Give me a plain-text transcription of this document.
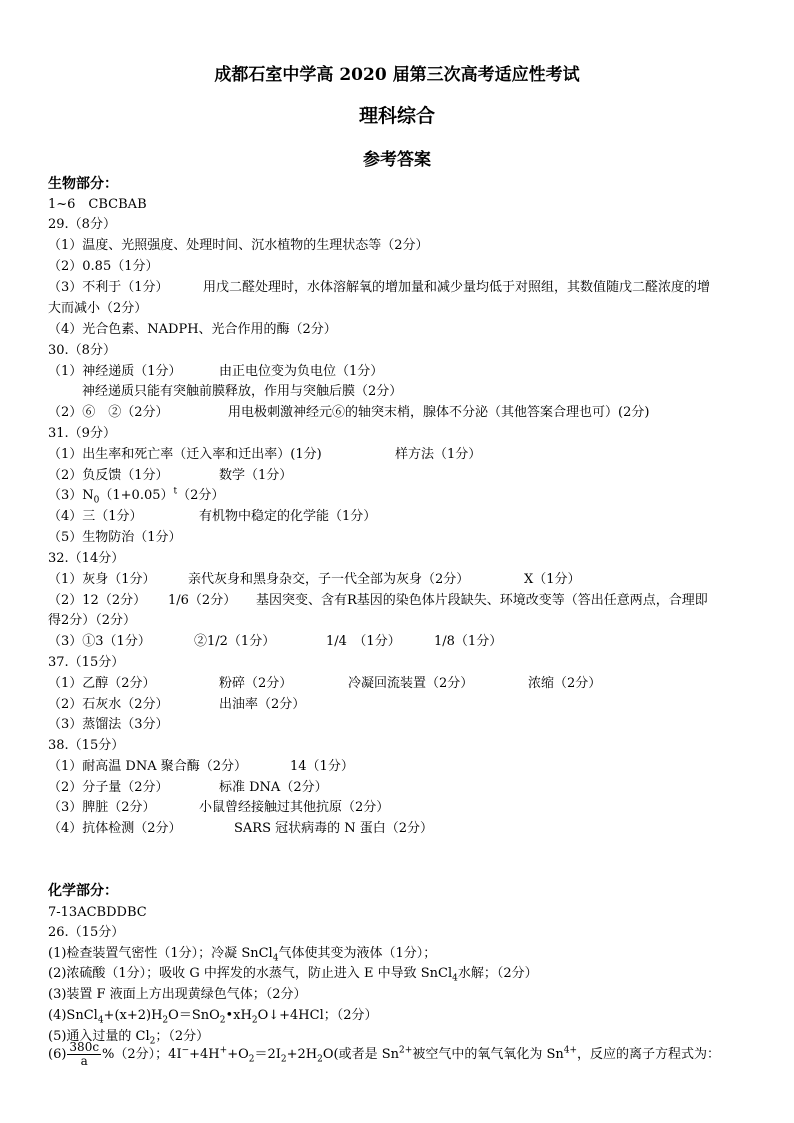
成都石室中学高 2020 届第三次高考适应性考试
理科综合
参考答案
生物部分：
1~6　CBCBAB
29.（8分）
（1）温度、光照强度、处理时间、沉水植物的生理状态等（2分）
（2）0.85（1分）
（3）不利于（1分）	用戊二醛处理时，水体溶解氧的增加量和减少量均低于对照组，其数值随戊二醛浓度的增
大而减小（2分）
（4）光合色素、NADPH、光合作用的酶（2分）
30.（8分）
（1）神经递质（1分）	由正电位变为负电位（1分）
神经递质只能有突触前膜释放，作用与突触后膜（2分）
（2）⑥　②（2分）	用电极刺激神经元⑥的轴突末梢，腺体不分泌（其他答案合理也可）(2分)
31.（9分）
（1）出生率和死亡率（迁入率和迁出率）(1分)	样方法（1分）
（2）负反馈（1分）	数学（1分）
$(3)N_0(1+0.05)^t(2$分）
（4）三（1分）	有机物中稳定的化学能（1分）
（5）生物防治（1分）
32.（14分）
（1）灰身（1分） 亲代灰身和黑身杂交，子一代全部为灰身（2分）	X（1分）
（2）12（2分） 1/6（2分） 基因突变、含有R基因的染色体片段缺失、环境改变等（答出任意两点，合理即
得2分）（2分）
（3）①3（1分）	②1/2（1分）	1/4　（1分）	1/8（1分）
37.（15分）
（1）乙醇（2分）	粉碎（2分）	冷凝回流装置（2分）	浓缩（2分）
（2）石灰水（2分）	出油率（2分）
（3）蒸馏法（3分）
38.（15分）
（1）耐高温 DNA 聚合酶（2分）	14（1分）
（2）分子量（2分）	标准 DNA（2分）
（3）脾脏（2分）	小鼠曾经接触过其他抗原（2分）
（4）抗体检测（2分）	SARS 冠状病毒的 N 蛋白（2分）
化学部分：
7-13ACBDDBC
26.（15分）
(1)检查装置气密性（1分）；冷凝 SnCl$_4$气体使其变为液体（1分）；
(2)浓硫酸（1分）；吸收 G 中挥发的水蒸气，防止进入 E 中导致 SnCl$_4$水解；（2分）
(3)装置 F 液面上方出现黄绿色气体；（2分）
$(4)SnCl_4+(x+2)H_2O=SnO_2•xH_2O↓+4HCl$；（2分）
(5)通入过量的 $Cl_2$；（2分）
$(6) \frac{380c}{a} \%(2$分）；$4I^-+4H^++O_2=2I_2+2H_2O$(或者是 $Sn^{2+}$被空气中的氧气氧化为 $Sn^{4+}$，反应的离子方程式为：
